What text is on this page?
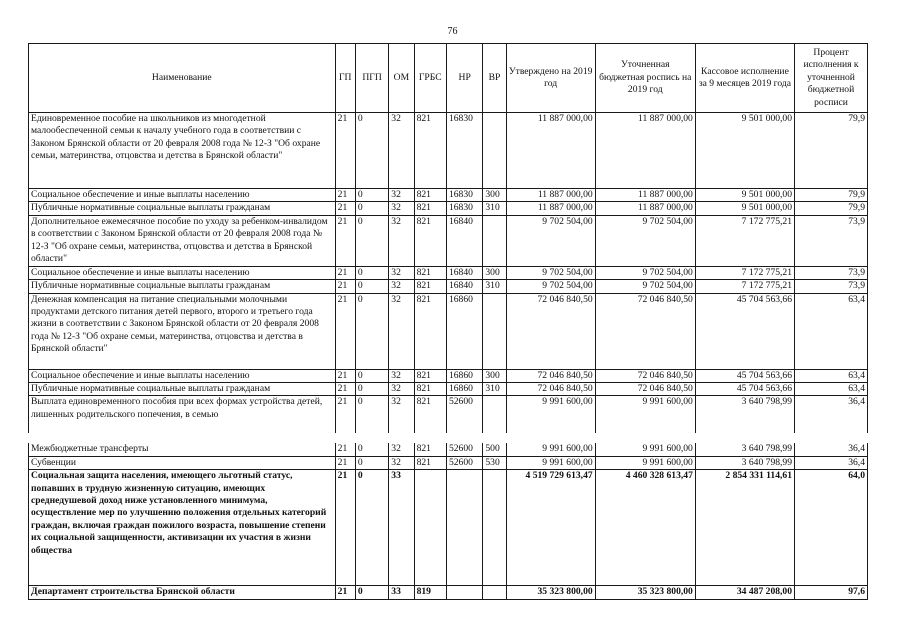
76
Наименование	ГП	ПГП	ОМ	ГРБС	НР	ВР	Утверждено на 2019 год	Уточненная бюджетная роспись на 2019 год	Кассовое исполнение за 9 месяцев 2019 года	Процент исполнения к уточненной бюджетной росписи
Единовременное пособие на школьников из многодетной малообеспеченной семьи к началу учебного года в соответствии с Законом Брянской области от 20 февраля 2008 года № 12-З "Об охране семьи, материнства, отцовства и детства в Брянской области"	21	0	32	821	16830		11 887 000,00	11 887 000,00	9 501 000,00	79,9
Социальное обеспечение и иные выплаты населению	21	0	32	821	16830	300	11 887 000,00	11 887 000,00	9 501 000,00	79,9
Публичные нормативные социальные выплаты гражданам	21	0	32	821	16830	310	11 887 000,00	11 887 000,00	9 501 000,00	79,9
Дополнительное ежемесячное пособие по уходу за ребенком-инвалидом в соответствии с Законом Брянской области от 20 февраля 2008 года № 12-З "Об охране семьи, материнства, отцовства и детства в Брянской области"	21	0	32	821	16840		9 702 504,00	9 702 504,00	7 172 775,21	73,9
Социальное обеспечение и иные выплаты населению	21	0	32	821	16840	300	9 702 504,00	9 702 504,00	7 172 775,21	73,9
Публичные нормативные социальные выплаты гражданам	21	0	32	821	16840	310	9 702 504,00	9 702 504,00	7 172 775,21	73,9
Денежная компенсация на питание специальными молочными продуктами детского питания детей первого, второго и третьего года жизни в соответствии с Законом Брянской области от 20 февраля 2008 года № 12-З "Об охране семьи, материнства, отцовства и детства в Брянской области"	21	0	32	821	16860		72 046 840,50	72 046 840,50	45 704 563,66	63,4
Социальное обеспечение и иные выплаты населению	21	0	32	821	16860	300	72 046 840,50	72 046 840,50	45 704 563,66	63,4
Публичные нормативные социальные выплаты гражданам	21	0	32	821	16860	310	72 046 840,50	72 046 840,50	45 704 563,66	63,4
Выплата единовременного пособия при всех формах устройства детей, лишенных родительского попечения, в семью	21	0	32	821	52600		9 991 600,00	9 991 600,00	3 640 798,99	36,4
Межбюджетные трансферты	21	0	32	821	52600	500	9 991 600,00	9 991 600,00	3 640 798,99	36,4
Субвенции	21	0	32	821	52600	530	9 991 600,00	9 991 600,00	3 640 798,99	36,4
Социальная защита населения, имеющего льготный статус, попавших в трудную жизненную ситуацию, имеющих среднедушевой доход ниже установленного минимума, осуществление мер по улучшению положения отдельных категорий граждан, включая граждан пожилого возраста, повышение степени их социальной защищенности, активизации их участия в жизни общества	21	0	33				4 519 729 613,47	4 460 328 613,47	2 854 331 114,61	64,0
Департамент строительства Брянской области	21	0	33	819			35 323 800,00	35 323 800,00	34 487 208,00	97,6
